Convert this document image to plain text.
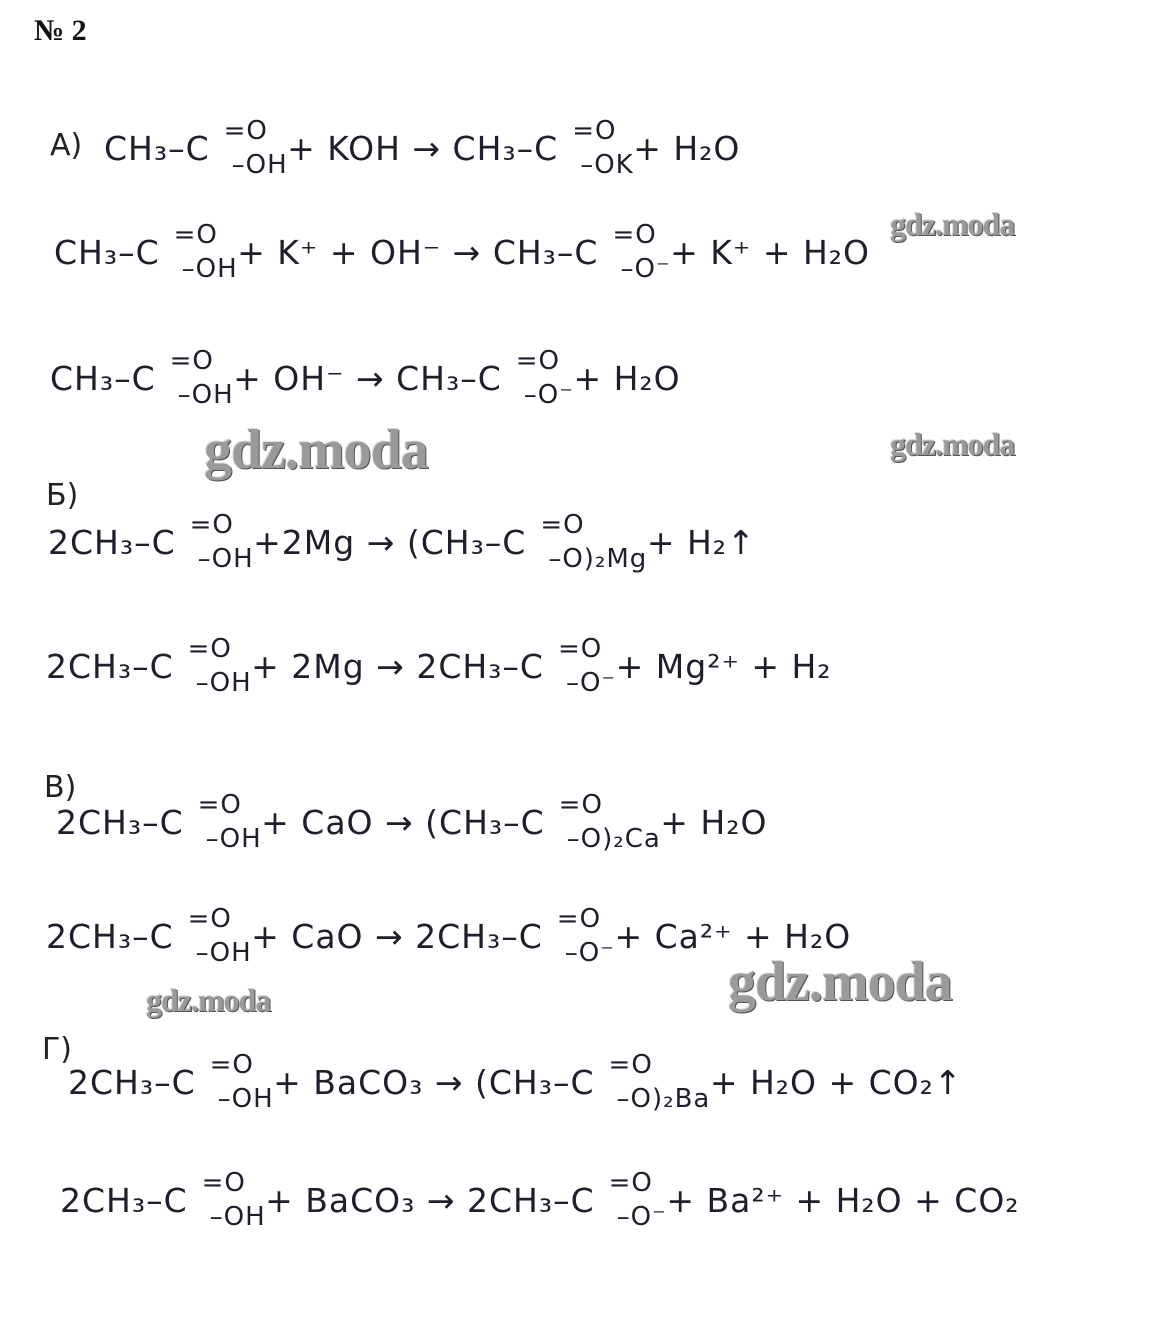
№ 2
А)
Б)
В)
Г)
CH₃–C =O
–OH + KOH → CH₃–C =O
–OK + H₂O
CH₃–C =O
–OH + K⁺ + OH⁻ → CH₃–C =O
–O⁻ + K⁺ + H₂O
CH₃–C =O
–OH + OH⁻ → CH₃–C =O
–O⁻ + H₂O
2CH₃–C =O
–OH +2Mg → (CH₃–C =O
–O)₂Mg + H₂↑
2CH₃–C =O
–OH + 2Mg → 2CH₃–C =O
–O⁻ + Mg²⁺ + H₂
2CH₃–C =O
–OH + CaO → (CH₃–C =O
–O)₂Ca + H₂O
2CH₃–C =O
–OH + CaO → 2CH₃–C =O
–O⁻ + Ca²⁺ + H₂O
2CH₃–C =O
–OH + BaCO₃ → (CH₃–C =O
–O)₂Ba + H₂O + CO₂↑
2CH₃–C =O
–OH + BaCO₃ → 2CH₃–C =O
–O⁻ + Ba²⁺ + H₂O + CO₂
gdz.moda
gdz.moda	gdz.moda
gdz.moda
gdz.moda
